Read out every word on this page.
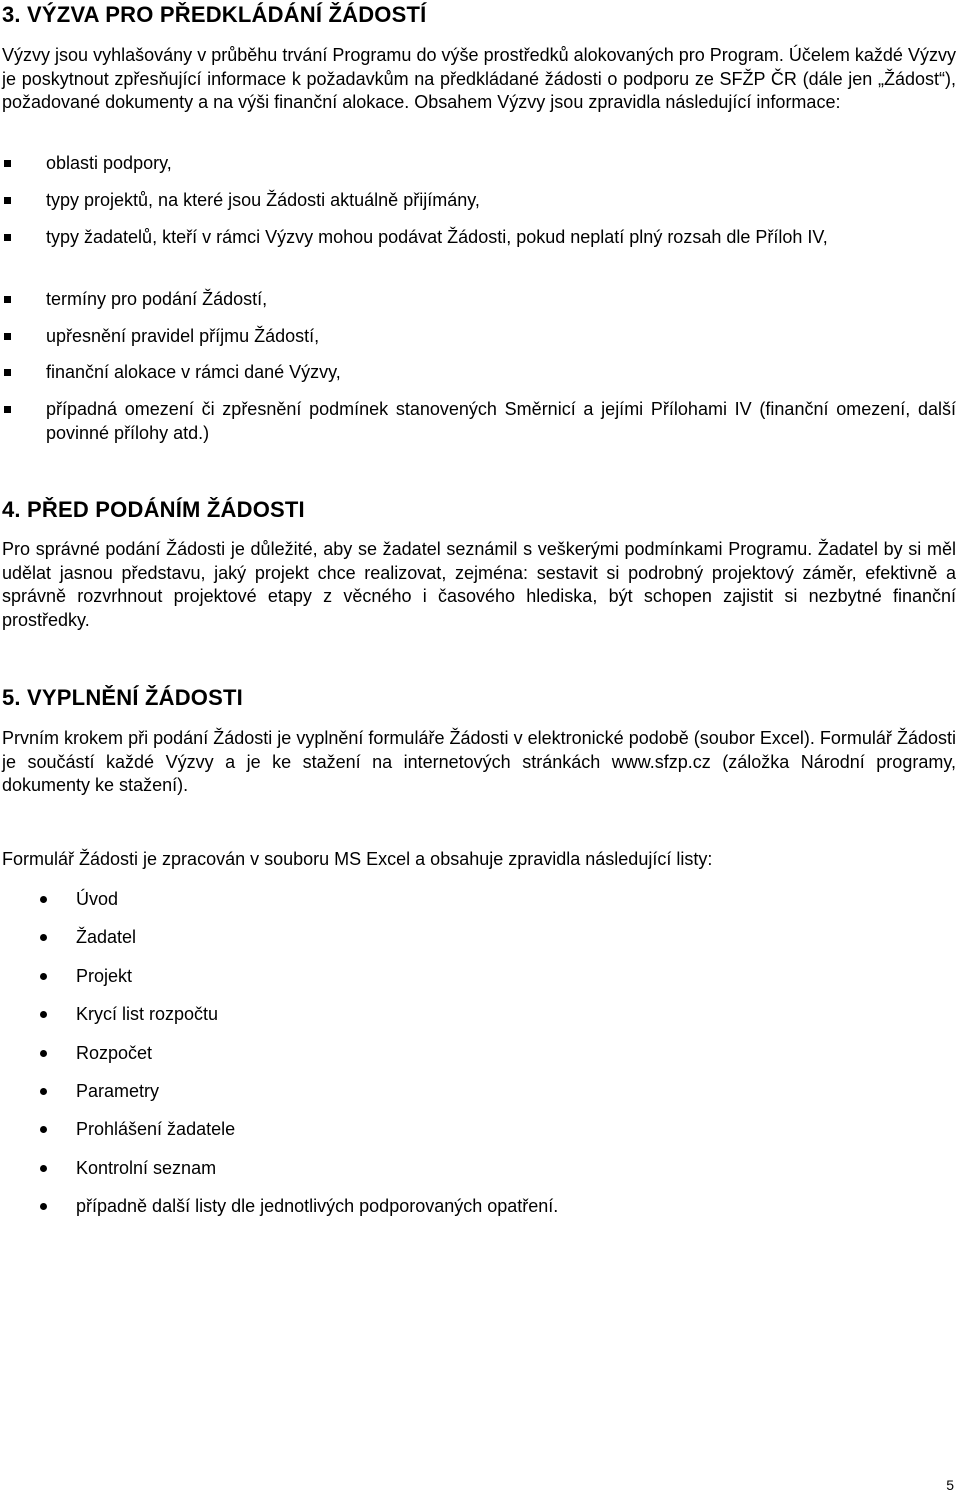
3. VÝZVA PRO PŘEDKLÁDÁNÍ ŽÁDOSTÍ

Výzvy jsou vyhlašovány v průběhu trvání Programu do výše prostředků alokovaných pro Program. Účelem každé Výzvy je poskytnout zpřesňující informace k požadavkům na předkládané žádosti o podporu ze SFŽP ČR (dále jen „Žádost“), požadované dokumenty a na výši finanční alokace. Obsahem Výzvy jsou zpravidla následující informace:

oblasti podpory,
typy projektů, na které jsou Žádosti aktuálně přijímány,
typy žadatelů, kteří v rámci Výzvy mohou podávat Žádosti, pokud neplatí plný rozsah dle Příloh IV,
termíny pro podání Žádostí,
upřesnění pravidel příjmu Žádostí,
finanční alokace v rámci dané Výzvy,
případná omezení či zpřesnění podmínek stanovených Směrnicí a jejími Přílohami IV (finanční omezení, další povinné přílohy atd.)
4. PŘED PODÁNÍM ŽÁDOSTI

Pro správné podání Žádosti je důležité, aby se žadatel seznámil s veškerými podmínkami Programu. Žadatel by si měl udělat jasnou představu, jaký projekt chce realizovat, zejména: sestavit si podrobný projektový záměr, efektivně a správně rozvrhnout projektové etapy z věcného i časového hlediska, být schopen zajistit si nezbytné finanční prostředky.

5. VYPLNĚNÍ ŽÁDOSTI

Prvním krokem při podání Žádosti je vyplnění formuláře Žádosti v elektronické podobě (soubor Excel). Formulář Žádosti je součástí každé Výzvy a je ke stažení na internetových stránkách www.sfzp.cz (záložka Národní programy, dokumenty ke stažení).

Formulář Žádosti je zpracován v souboru MS Excel a obsahuje zpravidla následující listy:

Úvod
Žadatel
Projekt
Krycí list rozpočtu
Rozpočet
Parametry
Prohlášení žadatele
Kontrolní seznam
případně další listy dle jednotlivých podporovaných opatření.
5
